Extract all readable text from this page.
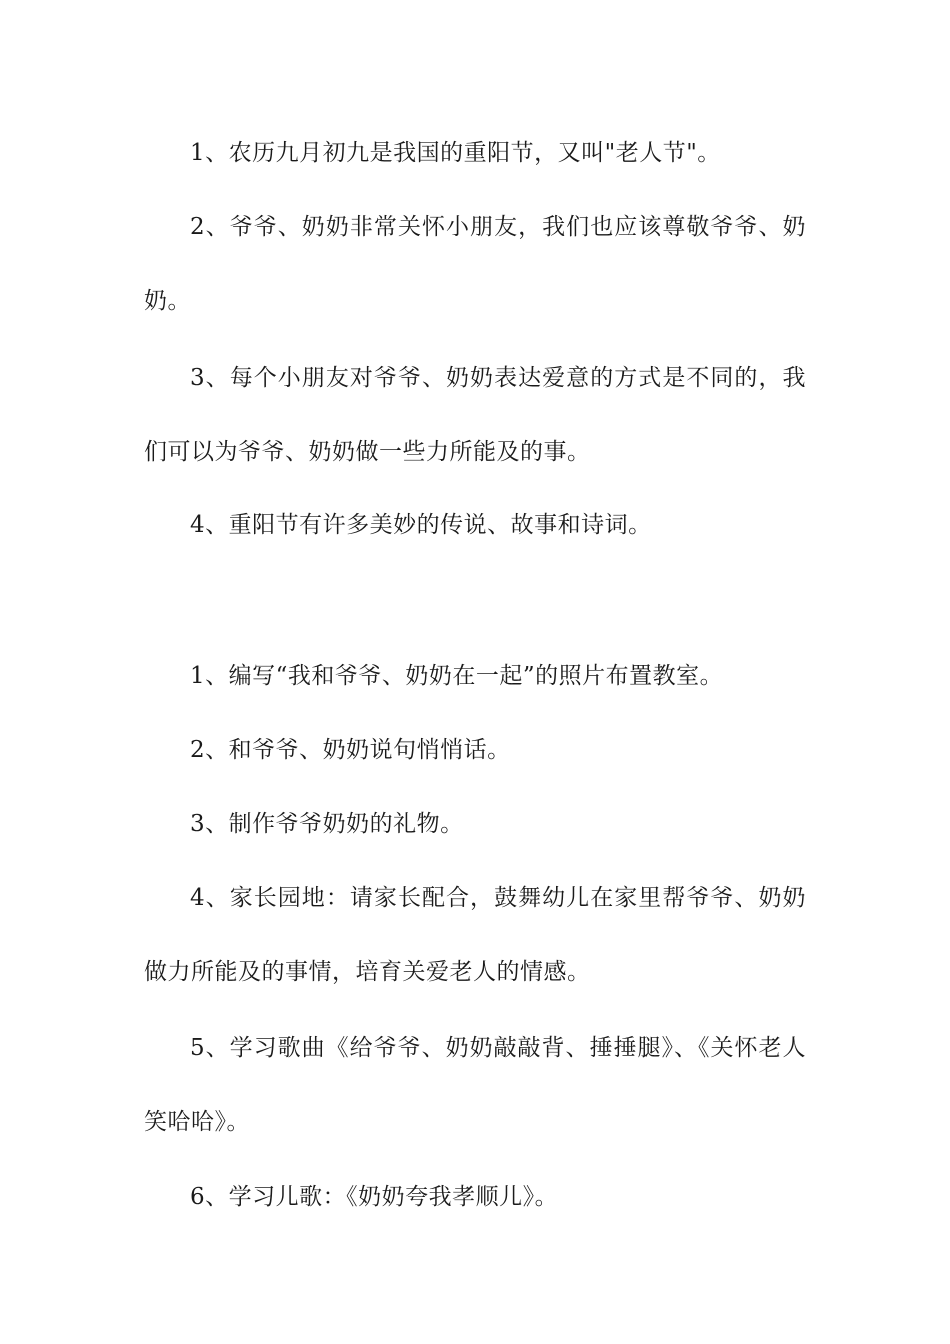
1、农历九月初九是我国的重阳节，又叫"老人节"。

2、爷爷、奶奶非常关怀小朋友，我们也应该尊敬爷爷、奶奶。

3、每个小朋友对爷爷、奶奶表达爱意的方式是不同的，我们可以为爷爷、奶奶做一些力所能及的事。

4、重阳节有许多美妙的传说、故事和诗词。

1、编写“我和爷爷、奶奶在一起”的照片布置教室。

2、和爷爷、奶奶说句悄悄话。

3、制作爷爷奶奶的礼物。

4、家长园地：请家长配合，鼓舞幼儿在家里帮爷爷、奶奶做力所能及的事情，培育关爱老人的情感。

5、学习歌曲《给爷爷、奶奶敲敲背、捶捶腿》、《关怀老人笑哈哈》。

6、学习儿歌：《奶奶夸我孝顺儿》。
